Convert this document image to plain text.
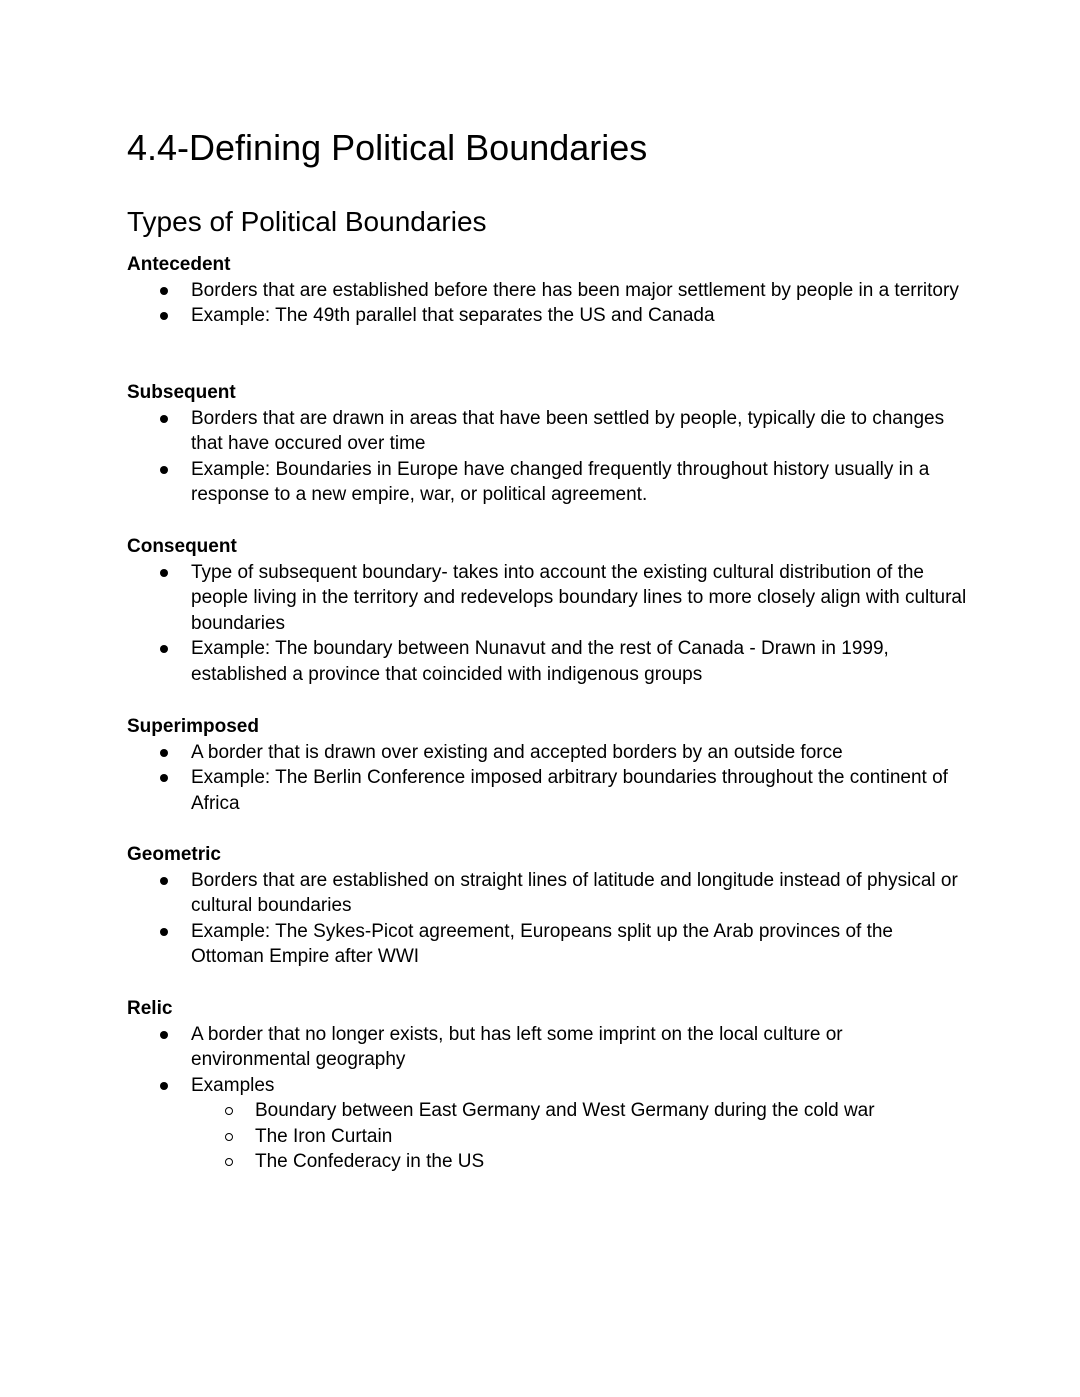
4.4-Defining Political Boundaries
Types of Political Boundaries

Antecedent

Borders that are established before there has been major settlement by people in a territory
Example: The 49th parallel that separates the US and Canada

Subsequent

Borders that are drawn in areas that have been settled by people, typically die to changes that have occured over time
Example: Boundaries in Europe have changed frequently throughout history usually in a response to a new empire, war, or political agreement.

Consequent

Type of subsequent boundary- takes into account the existing cultural distribution of the people living in the territory and redevelops boundary lines to more closely align with cultural boundaries
Example: The boundary between Nunavut and the rest of Canada - Drawn in 1999, established a province that coincided with indigenous groups

Superimposed

A border that is drawn over existing and accepted borders by an outside force
Example: The Berlin Conference imposed arbitrary boundaries throughout the continent of Africa

Geometric

Borders that are established on straight lines of latitude and longitude instead of physical or cultural boundaries
Example: The Sykes-Picot agreement, Europeans split up the Arab provinces of the Ottoman Empire after WWI

Relic

A border that no longer exists, but has left some imprint on the local culture or environmental geography
Examples
Boundary between East Germany and West Germany during the cold war
The Iron Curtain
The Confederacy in the US
